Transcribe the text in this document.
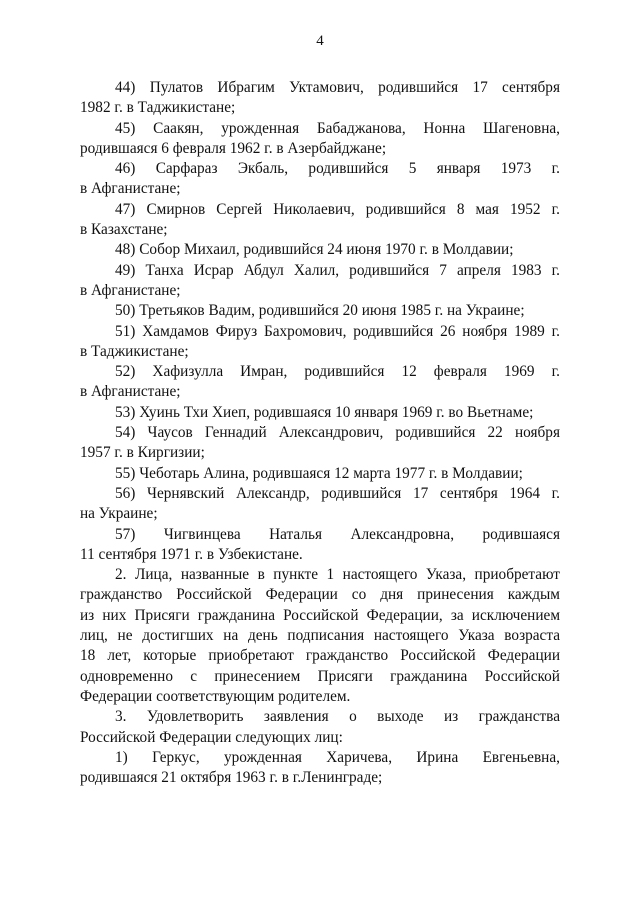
4

44) Пулатов Ибрагим Уктамович, родившийся 17 сентября
1982 г. в Таджикистане;

45) Саакян, урожденная Бабаджанова, Нонна Шагеновна,
родившаяся 6 февраля 1962 г. в Азербайджане;

46) Сарфараз Экбаль, родившийся 5 января 1973 г.
в Афганистане;

47) Смирнов Сергей Николаевич, родившийся 8 мая 1952 г.
в Казахстане;

48) Собор Михаил, родившийся 24 июня 1970 г. в Молдавии;

49) Танха Исрар Абдул Халил, родившийся 7 апреля 1983 г.
в Афганистане;

50) Третьяков Вадим, родившийся 20 июня 1985 г. на Украине;

51) Хамдамов Фируз Бахромович, родившийся 26 ноября 1989 г.
в Таджикистане;

52) Хафизулла Имран, родившийся 12 февраля 1969 г.
в Афганистане;

53) Хуинь Тхи Хиеп, родившаяся 10 января 1969 г. во Вьетнаме;

54) Чаусов Геннадий Александрович, родившийся 22 ноября
1957 г. в Киргизии;

55) Чеботарь Алина, родившаяся 12 марта 1977 г. в Молдавии;

56) Чернявский Александр, родившийся 17 сентября 1964 г.
на Украине;

57) Чигвинцева Наталья Александровна, родившаяся
11 сентября 1971 г. в Узбекистане.

2. Лица, названные в пункте 1 настоящего Указа, приобретают
гражданство Российской Федерации со дня принесения каждым
из них Присяги гражданина Российской Федерации, за исключением
лиц, не достигших на день подписания настоящего Указа возраста
18 лет, которые приобретают гражданство Российской Федерации
одновременно с принесением Присяги гражданина Российской
Федерации соответствующим родителем.

3. Удовлетворить заявления о выходе из гражданства
Российской Федерации следующих лиц:

1) Геркус, урожденная Харичева, Ирина Евгеньевна,
родившаяся 21 октября 1963 г. в г.Ленинграде;
